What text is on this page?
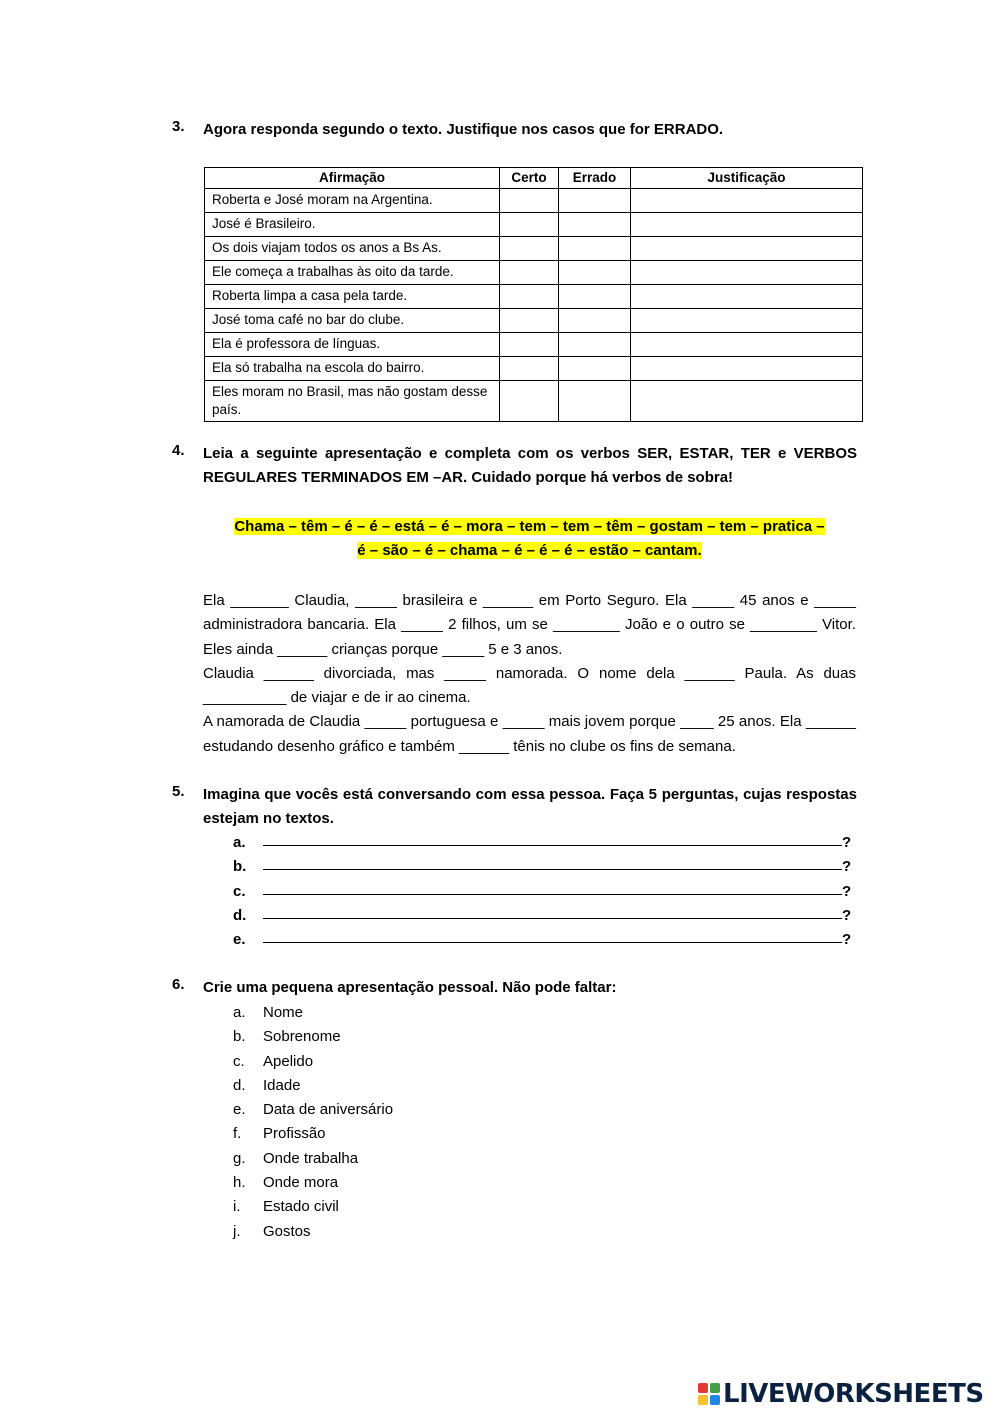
3. Agora responda segundo o texto. Justifique nos casos que for ERRADO.
Afirmação	Certo	Errado	Justificação
Roberta e José moram na Argentina.			
José é Brasileiro.			
Os dois viajam todos os anos a Bs As.			
Ele começa a trabalhas às oito da tarde.			
Roberta limpa a casa pela tarde.			
José toma café no bar do clube.			
Ela é professora de línguas.			
Ela só trabalha na escola do bairro.			
Eles moram no Brasil, mas não gostam desse país.			
4. Leia a seguinte apresentação e completa com os verbos SER, ESTAR, TER e VERBOS REGULARES TERMINADOS EM –AR. Cuidado porque há verbos de sobra!
Chama – têm – é – é – está – é – mora – tem – tem – têm – gostam – tem – pratica –
é – são – é – chama – é – é – é – estão – cantam.

Ela _______ Claudia, _____ brasileira e ______ em Porto Seguro. Ela _____ 45 anos e _____ administradora bancaria. Ela _____ 2 filhos, um se ________ João e o outro se ________ Vitor. Eles ainda ______ crianças porque _____ 5 e 3 anos.

Claudia ______ divorciada, mas _____ namorada. O nome dela ______ Paula. As duas __________ de viajar e de ir ao cinema.

A namorada de Claudia _____ portuguesa e _____ mais jovem porque ____ 25 anos. Ela ______ estudando desenho gráfico e também ______ tênis no clube os fins de semana.

5. Imagina que vocês está conversando com essa pessoa. Faça 5 perguntas, cujas respostas estejam no textos.
a.	?
b.	?
c.	?
d.	?
e.	?
6. Crie uma pequena apresentação pessoal. Não pode faltar:
a. Nome
b. Sobrenome
c. Apelido
d. Idade
e. Data de aniversário
f. Profissão
g. Onde trabalha
h. Onde mora
i. Estado civil
j. Gostos
LIVEWORKSHEETS
